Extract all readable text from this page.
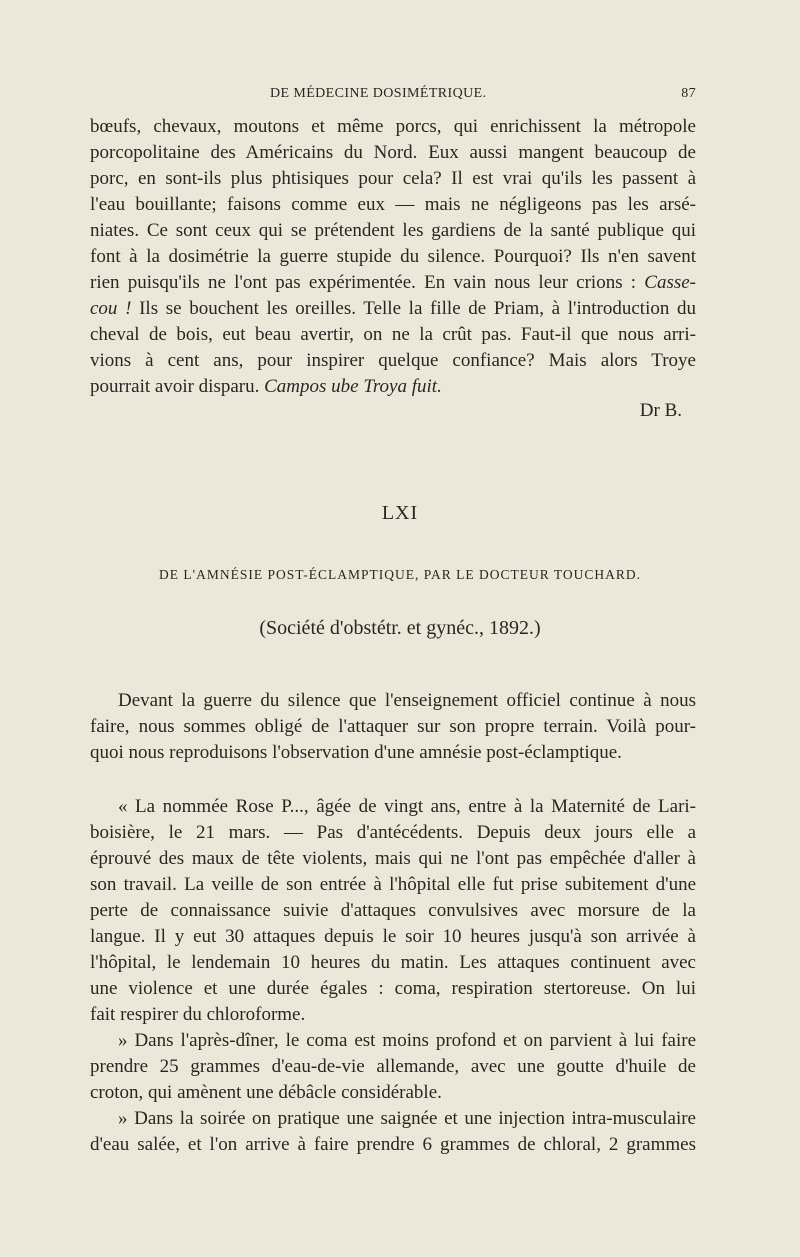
DE MÉDECINE DOSIMÉTRIQUE.	87
bœufs, chevaux, moutons et même porcs, qui enrichissent la métropole
porcopolitaine des Américains du Nord. Eux aussi mangent beaucoup de
porc, en sont-ils plus phtisiques pour cela? Il est vrai qu'ils les passent à
l'eau bouillante; faisons comme eux — mais ne négligeons pas les arsé-
niates. Ce sont ceux qui se prétendent les gardiens de la santé publique qui
font à la dosimétrie la guerre stupide du silence. Pourquoi? Ils n'en savent
rien puisqu'ils ne l'ont pas expérimentée. En vain nous leur crions : Casse-
cou ! Ils se bouchent les oreilles. Telle la fille de Priam, à l'introduction du
cheval de bois, eut beau avertir, on ne la crût pas. Faut-il que nous arri-
vions à cent ans, pour inspirer quelque confiance? Mais alors Troye
pourrait avoir disparu. Campos ube Troya fuit.
Dr B.
LXI
DE L'AMNÉSIE POST-ÉCLAMPTIQUE, PAR LE DOCTEUR TOUCHARD.
(Société d'obstétr. et gynéc., 1892.)
Devant la guerre du silence que l'enseignement officiel continue à nous
faire, nous sommes obligé de l'attaquer sur son propre terrain. Voilà pour-
quoi nous reproduisons l'observation d'une amnésie post-éclamptique.
« La nommée Rose P..., âgée de vingt ans, entre à la Maternité de Lari-
boisière, le 21 mars. — Pas d'antécédents. Depuis deux jours elle a
éprouvé des maux de tête violents, mais qui ne l'ont pas empêchée d'aller à
son travail. La veille de son entrée à l'hôpital elle fut prise subitement d'une
perte de connaissance suivie d'attaques convulsives avec morsure de la
langue. Il y eut 30 attaques depuis le soir 10 heures jusqu'à son arrivée à
l'hôpital, le lendemain 10 heures du matin. Les attaques continuent avec
une violence et une durée égales : coma, respiration stertoreuse. On lui
fait respirer du chloroforme.
» Dans l'après-dîner, le coma est moins profond et on parvient à lui faire
prendre 25 grammes d'eau-de-vie allemande, avec une goutte d'huile de
croton, qui amènent une débâcle considérable.
» Dans la soirée on pratique une saignée et une injection intra-musculaire
d'eau salée, et l'on arrive à faire prendre 6 grammes de chloral, 2 grammes
